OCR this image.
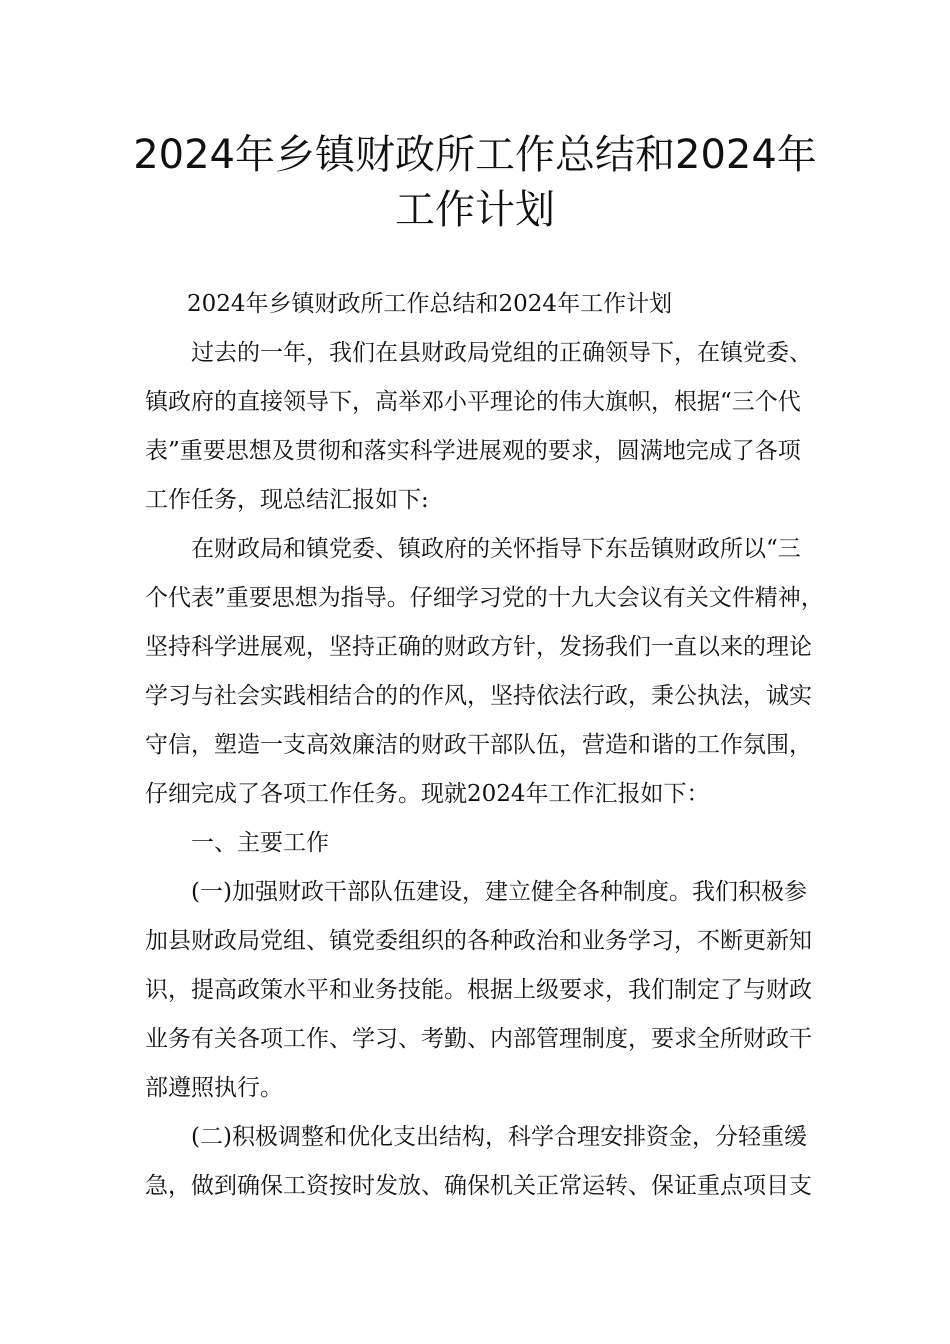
2024年乡镇财政所工作总结和2024年
工作计划

2024年乡镇财政所工作总结和2024年工作计划

过去的一年，我们在县财政局党组的正确领导下，在镇党委、
镇政府的直接领导下，高举邓小平理论的伟大旗帜，根据“三个代
表”重要思想及贯彻和落实科学进展观的要求，圆满地完成了各项
工作任务，现总结汇报如下:

在财政局和镇党委、镇政府的关怀指导下东岳镇财政所以“三
个代表”重要思想为指导。仔细学习党的十九大会议有关文件精神，
坚持科学进展观，坚持正确的财政方针，发扬我们一直以来的理论
学习与社会实践相结合的的作风，坚持依法行政，秉公执法，诚实
守信，塑造一支高效廉洁的财政干部队伍，营造和谐的工作氛围，
仔细完成了各项工作任务。现就2024年工作汇报如下：

一、主要工作

(一)加强财政干部队伍建设，建立健全各种制度。我们积极参
加县财政局党组、镇党委组织的各种政治和业务学习，不断更新知
识，提高政策水平和业务技能。根据上级要求，我们制定了与财政
业务有关各项工作、学习、考勤、内部管理制度，要求全所财政干
部遵照执行。

(二)积极调整和优化支出结构，科学合理安排资金，分轻重缓
急，做到确保工资按时发放、确保机关正常运转、保证重点项目支
